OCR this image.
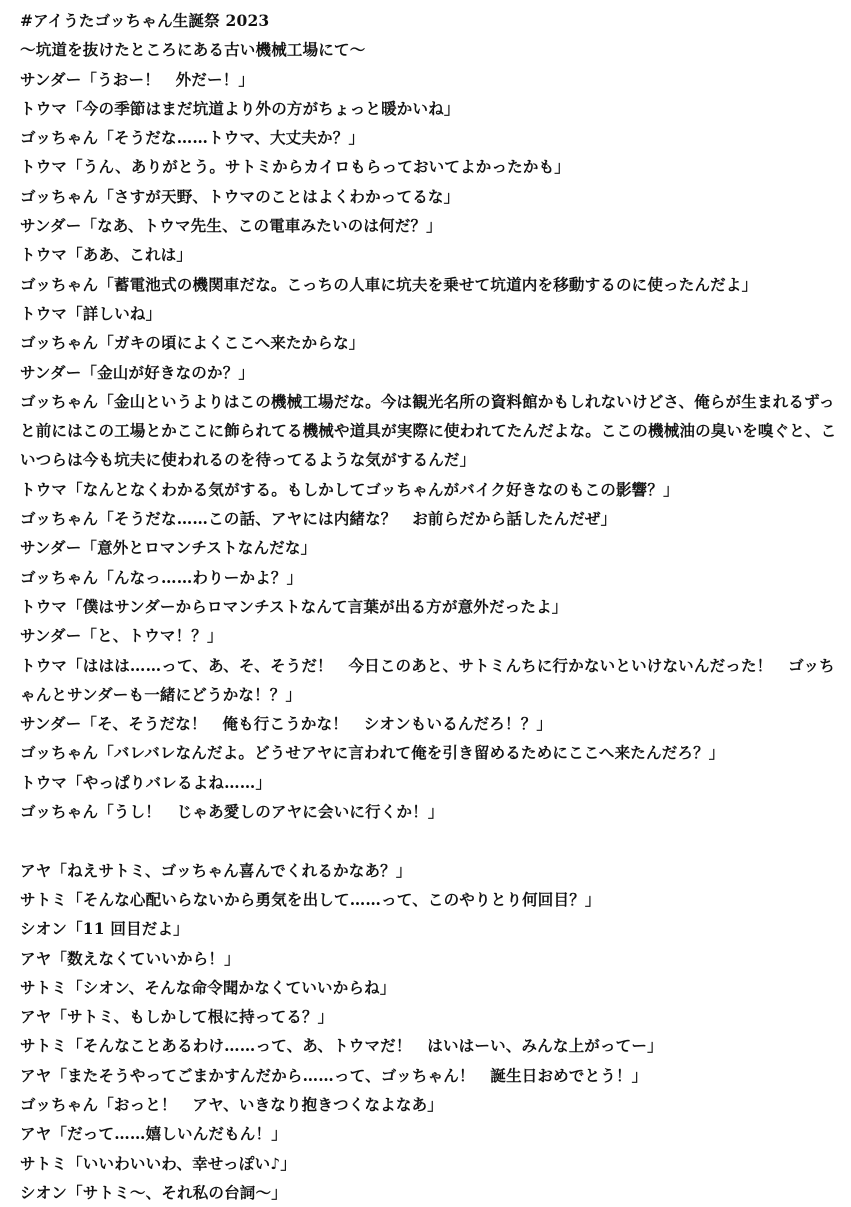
#アイうたゴッちゃん生誕祭 2023

～坑道を抜けたところにある古い機械工場にて～

サンダー「うおー！　外だー！」

トウマ「今の季節はまだ坑道より外の方がちょっと暖かいね」

ゴッちゃん「そうだな……トウマ、大丈夫か？」

トウマ「うん、ありがとう。サトミからカイロもらっておいてよかったかも」

ゴッちゃん「さすが天野、トウマのことはよくわかってるな」

サンダー「なあ、トウマ先生、この電車みたいのは何だ？」

トウマ「ああ、これは」

ゴッちゃん「蓄電池式の機関車だな。こっちの人車に坑夫を乗せて坑道内を移動するのに使ったんだよ」

トウマ「詳しいね」

ゴッちゃん「ガキの頃によくここへ来たからな」

サンダー「金山が好きなのか？」

ゴッちゃん「金山というよりはこの機械工場だな。今は観光名所の資料館かもしれないけどさ、俺らが生まれるずっと前にはこの工場とかここに飾られてる機械や道具が実際に使われてたんだよな。ここの機械油の臭いを嗅ぐと、こいつらは今も坑夫に使われるのを待ってるような気がするんだ」

トウマ「なんとなくわかる気がする。もしかしてゴッちゃんがバイク好きなのもこの影響？」

ゴッちゃん「そうだな……この話、アヤには内緒な？　お前らだから話したんだぜ」

サンダー「意外とロマンチストなんだな」

ゴッちゃん「んなっ……わりーかよ？」

トウマ「僕はサンダーからロマンチストなんて言葉が出る方が意外だったよ」

サンダー「と、トウマ！？」

トウマ「ははは……って、あ、そ、そうだ！　今日このあと、サトミんちに行かないといけないんだった！　ゴッちゃんとサンダーも一緒にどうかな！？」

サンダー「そ、そうだな！　俺も行こうかな！　シオンもいるんだろ！？」

ゴッちゃん「バレバレなんだよ。どうせアヤに言われて俺を引き留めるためにここへ来たんだろ？」

トウマ「やっぱりバレるよね……」

ゴッちゃん「うし！　じゃあ愛しのアヤに会いに行くか！」

アヤ「ねえサトミ、ゴッちゃん喜んでくれるかなあ？」

サトミ「そんな心配いらないから勇気を出して……って、このやりとり何回目？」

シオン「11 回目だよ」

アヤ「数えなくていいから！」

サトミ「シオン、そんな命令聞かなくていいからね」

アヤ「サトミ、もしかして根に持ってる？」

サトミ「そんなことあるわけ……って、あ、トウマだ！　はいはーい、みんな上がってー」

アヤ「またそうやってごまかすんだから……って、ゴッちゃん！　誕生日おめでとう！」

ゴッちゃん「おっと！　アヤ、いきなり抱きつくなよなあ」

アヤ「だって……嬉しいんだもん！」

サトミ「いいわいいわ、幸せっぽい♪」

シオン「サトミ～、それ私の台詞～」
